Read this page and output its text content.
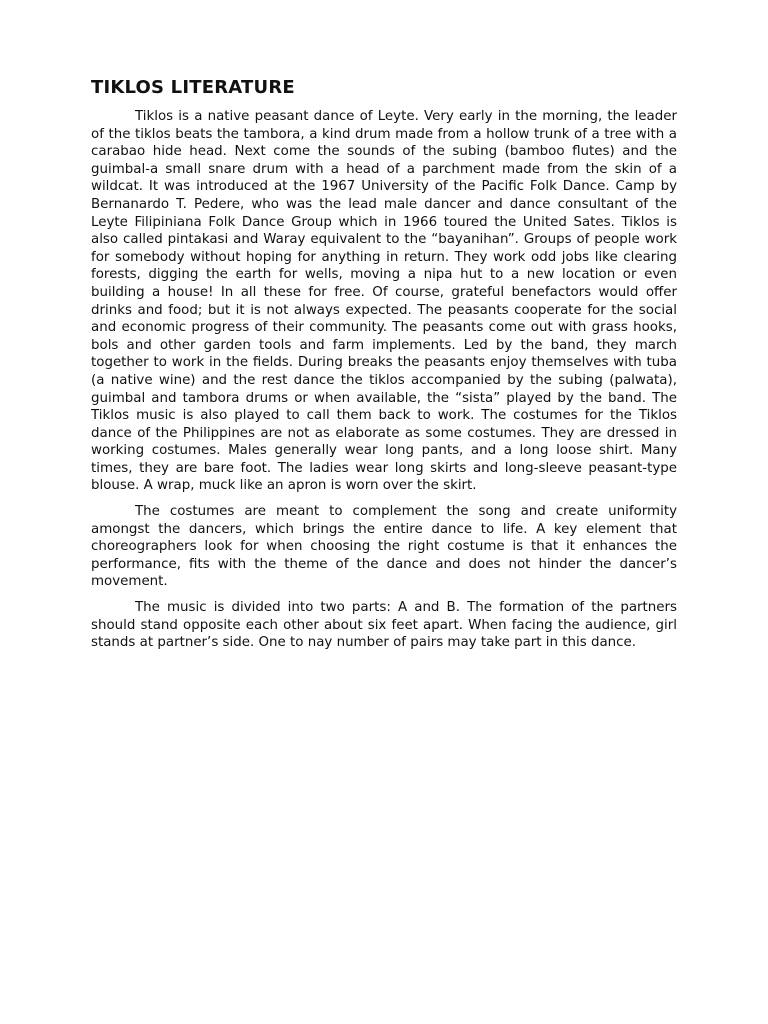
TIKLOS LITERATURE

Tiklos is a native peasant dance of Leyte. Very early in the morning, the leader of the tiklos beats the tambora, a kind drum made from a hollow trunk of a tree with a carabao hide head. Next come the sounds of the subing (bamboo flutes) and the guimbal-a small snare drum with a head of a parchment made from the skin of a wildcat. It was introduced at the 1967 University of the Pacific Folk Dance. Camp by Bernanardo T. Pedere, who was the lead male dancer and dance consultant of the Leyte Filipiniana Folk Dance Group which in 1966 toured the United Sates. Tiklos is also called pintakasi and Waray equivalent to the “bayanihan”. Groups of people work for somebody without hoping for anything in return. They work odd jobs like clearing forests, digging the earth for wells, moving a nipa hut to a new location or even building a house! In all these for free. Of course, grateful benefactors would offer drinks and food; but it is not always expected. The peasants cooperate for the social and economic progress of their community. The peasants come out with grass hooks, bols and other garden tools and farm implements. Led by the band, they march together to work in the fields. During breaks the peasants enjoy themselves with tuba (a native wine) and the rest dance the tiklos accompanied by the subing (palwata), guimbal and tambora drums or when available, the “sista” played by the band. The Tiklos music is also played to call them back to work. The costumes for the Tiklos dance of the Philippines are not as elaborate as some costumes. They are dressed in working costumes. Males generally wear long pants, and a long loose shirt. Many times, they are bare foot. The ladies wear long skirts and long-sleeve peasant-type blouse. A wrap, muck like an apron is worn over the skirt.

The costumes are meant to complement the song and create uniformity amongst the dancers, which brings the entire dance to life. A key element that choreographers look for when choosing the right costume is that it enhances the performance, fits with the theme of the dance and does not hinder the dancer’s movement.

The music is divided into two parts: A and B. The formation of the partners should stand opposite each other about six feet apart. When facing the audience, girl stands at partner’s side. One to nay number of pairs may take part in this dance.
